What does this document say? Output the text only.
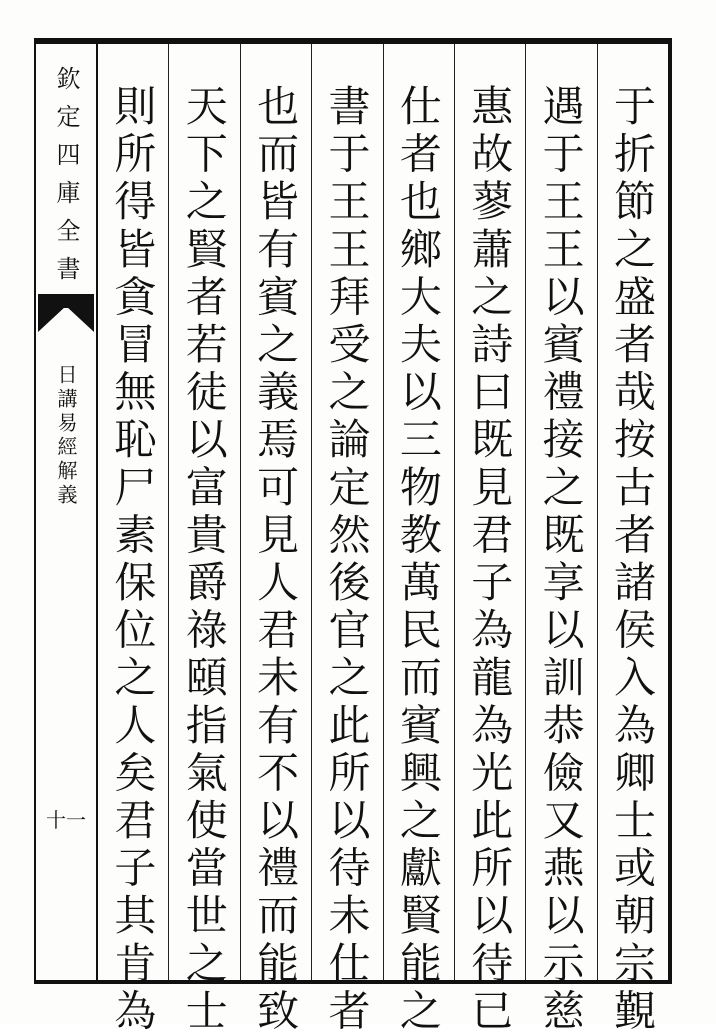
欽定四庫全書
日講易經解義
十一	于折節之盛者哉按古者諸侯入為卿士或朝宗覲
遇于王王以賓禮接之既享以訓恭儉又燕以示慈
惠故蓼蕭之詩曰既見君子為龍為光此所以待已
仕者也鄉大夫以三物教萬民而賓興之獻賢能之
書于王王拜受之論定然後官之此所以待未仕者
也而皆有賓之義焉可見人君未有不以禮而能致
天下之賢者若徒以富貴爵祿頤指氣使當世之士
則所得皆貪冒無恥尸素保位之人矣君子其肯為
